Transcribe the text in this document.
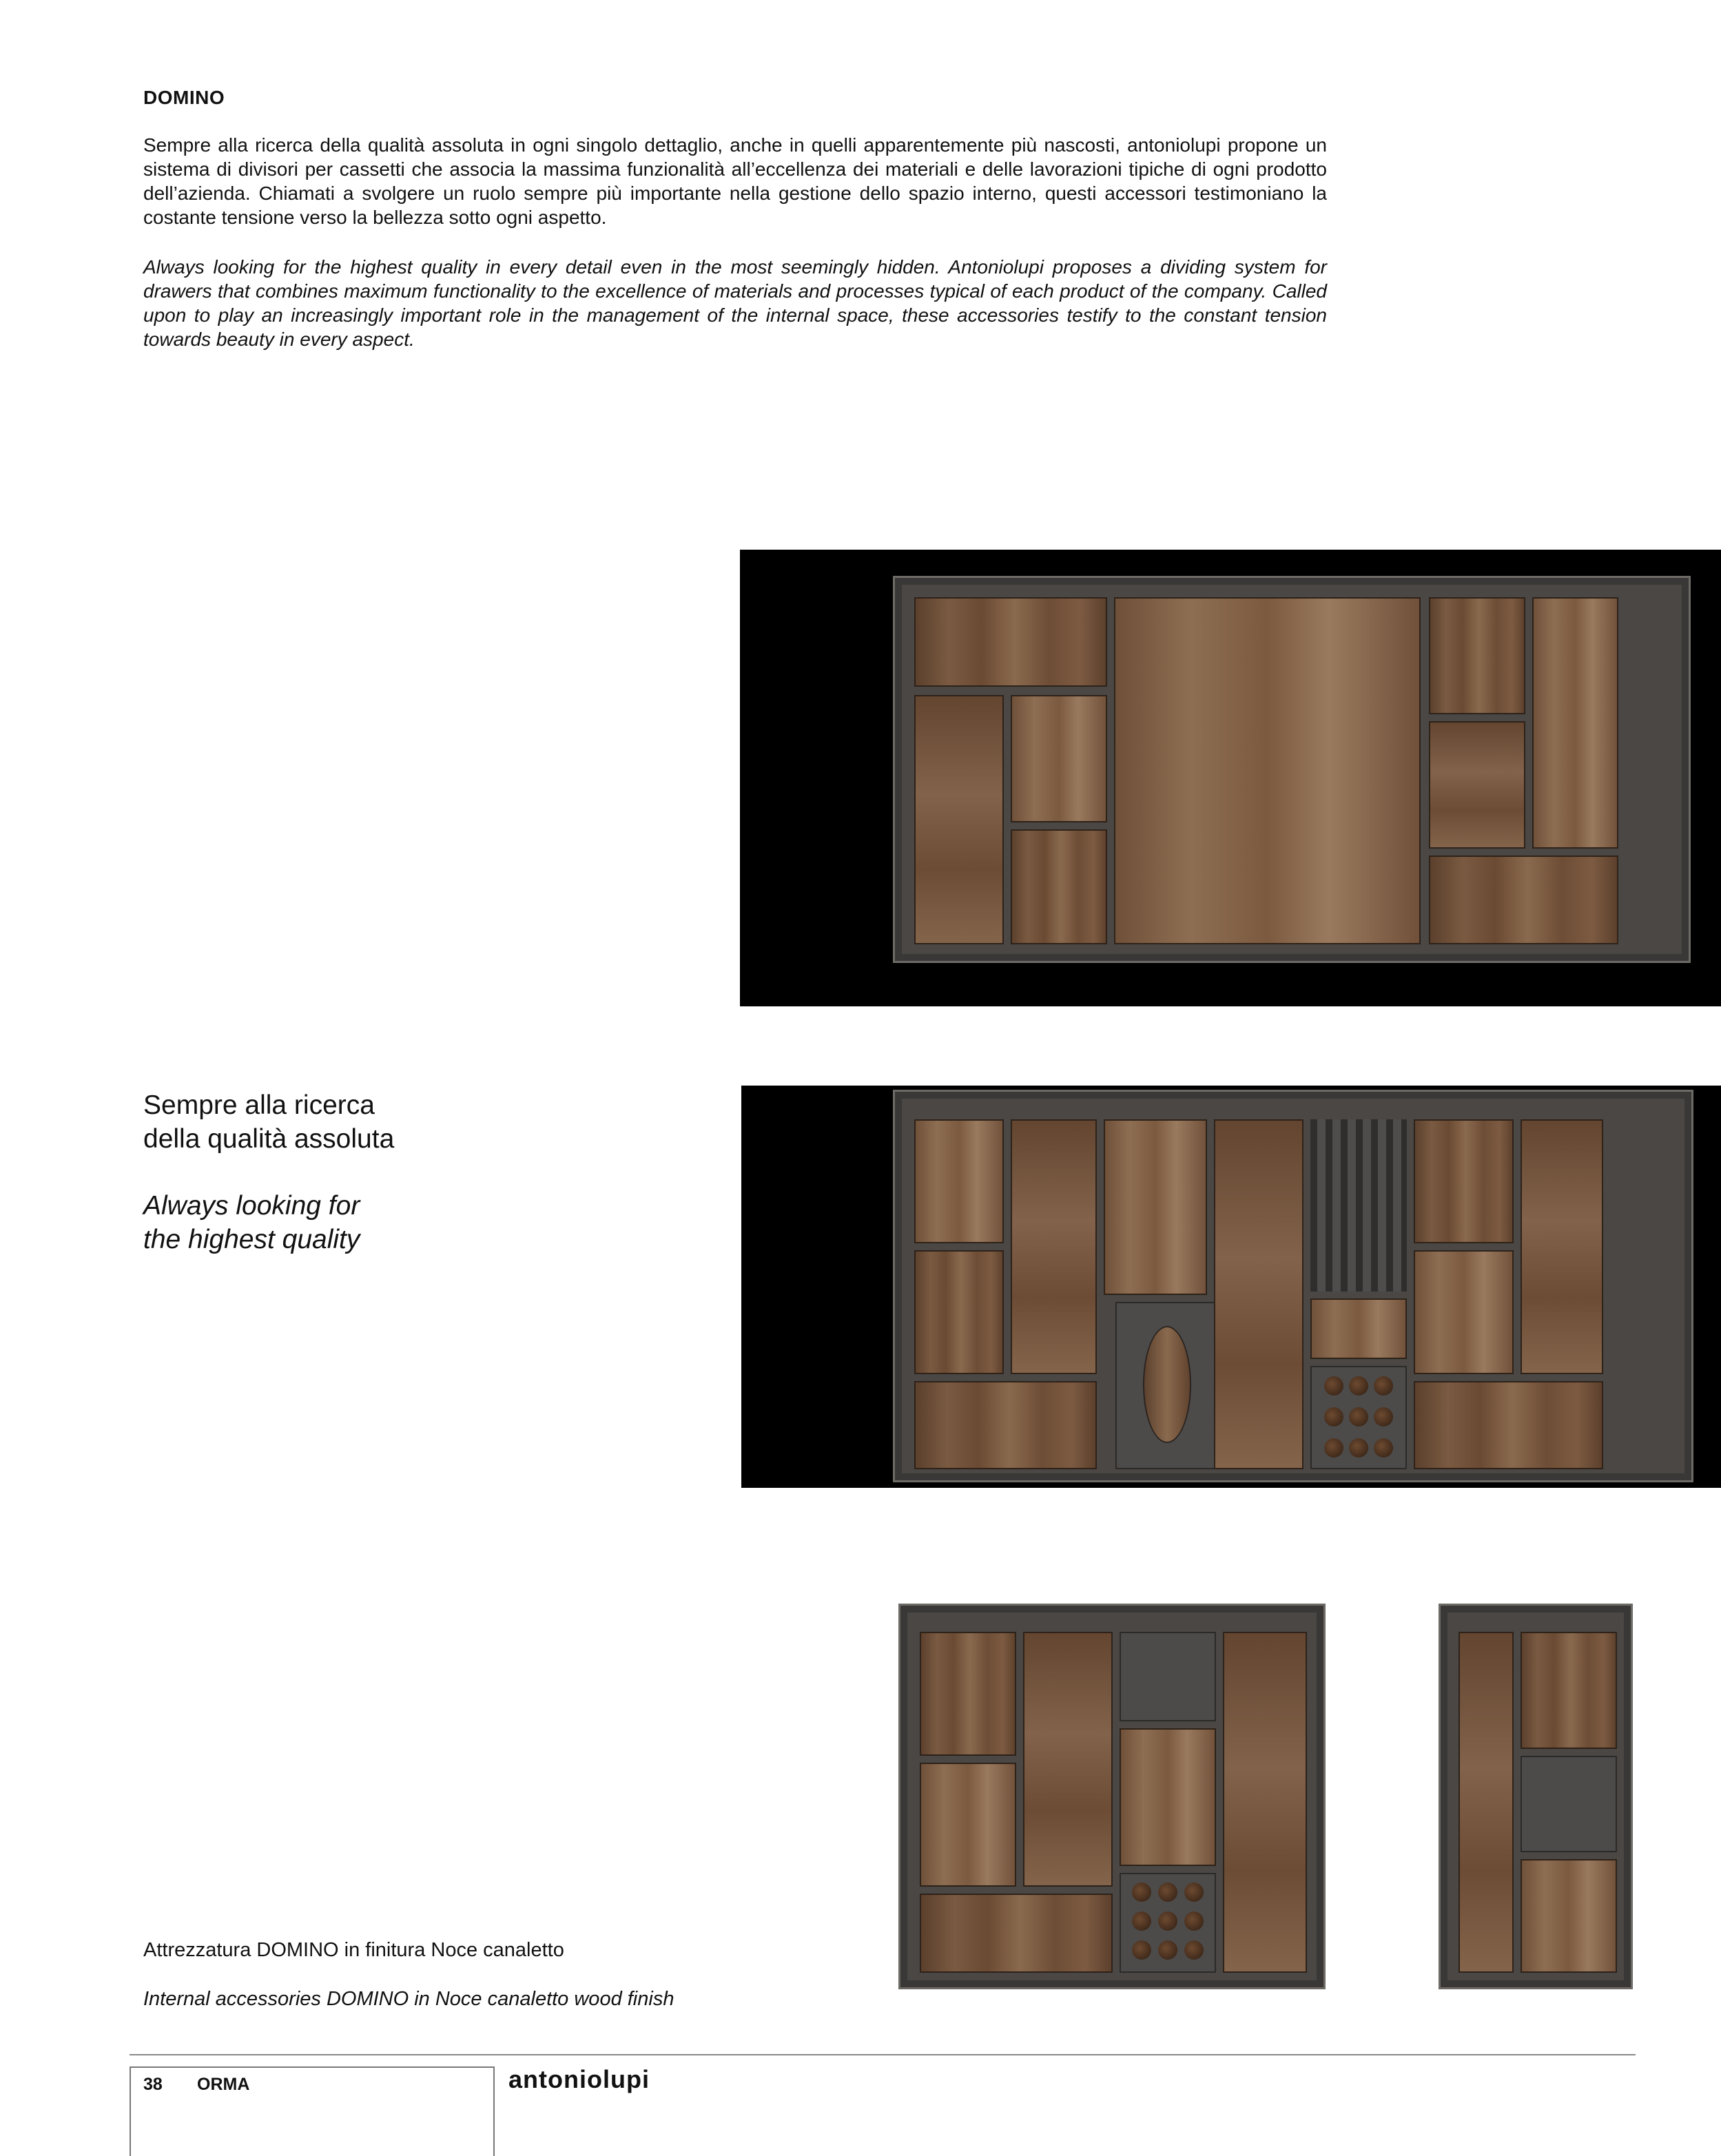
DOMINO
Sempre alla ricerca della qualità assoluta in ogni singolo dettaglio, anche in quelli apparentemente più nascosti, antoniolupi propone un sistema di divisori per cassetti che associa la massima funzionalità all’eccellenza dei materiali e delle lavorazioni tipiche di ogni prodotto dell’azienda. Chiamati a svolgere un ruolo sempre più importante nella gestione dello spazio interno, questi accessori testimoniano la costante tensione verso la bellezza sotto ogni aspetto.
Always looking for the highest quality in every detail even in the most seemingly hidden. Antoniolupi proposes a dividing system for drawers that combines maximum functionality to the excellence of materials and processes typical of each product of the company. Called upon to play an increasingly important role in the management of the internal space, these accessories testify to the constant tension towards beauty in every aspect.
Sempre alla ricerca
della qualità assoluta
Always looking for
the highest quality
Attrezzatura DOMINO in finitura Noce canaletto
Internal accessories DOMINO in Noce canaletto wood finish
38 ORMA	antoniolupi
